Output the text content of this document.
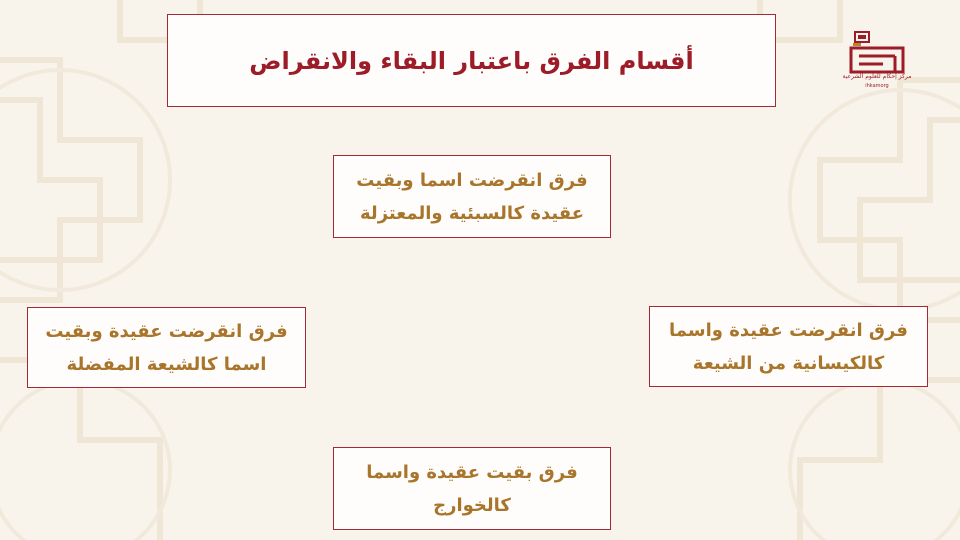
أقسام الفرق باعتبار البقاء والانقراض
مركز إحكام للعلوم الشرعية
ihkamorg
فرق انقرضت اسما وبقيت
عقيدة كالسبئية والمعتزلة
فرق انقرضت عقيدة وبقيت
اسما كالشيعة المفضلة
فرق انقرضت عقيدة واسما
كالكيسانية من الشيعة
فرق بقيت عقيدة واسما
كالخوارج
